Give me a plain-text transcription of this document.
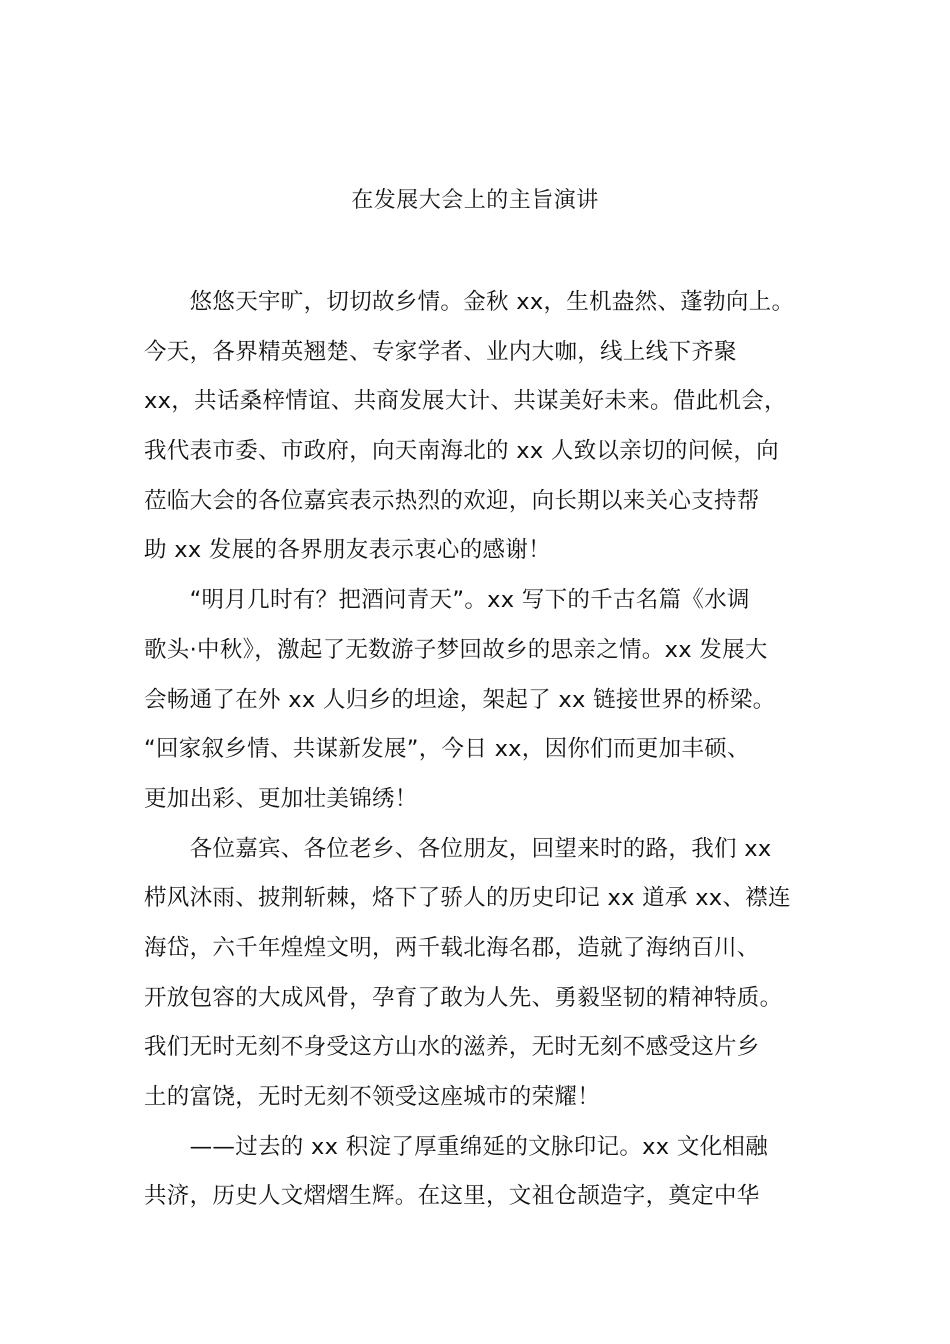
在发展大会上的主旨演讲
　　悠悠天宇旷，切切故乡情。金秋 xx，生机盎然、蓬勃向上。
今天，各界精英翘楚、专家学者、业内大咖，线上线下齐聚
xx，共话桑梓情谊、共商发展大计、共谋美好未来。借此机会，
我代表市委、市政府，向天南海北的 xx 人致以亲切的问候，向
莅临大会的各位嘉宾表示热烈的欢迎，向长期以来关心支持帮
助 xx 发展的各界朋友表示衷心的感谢！
　　“明月几时有？把酒问青天”。xx 写下的千古名篇《水调
歌头·中秋》，激起了无数游子梦回故乡的思亲之情。xx 发展大
会畅通了在外 xx 人归乡的坦途，架起了 xx 链接世界的桥梁。
“回家叙乡情、共谋新发展”，今日 xx，因你们而更加丰硕、
更加出彩、更加壮美锦绣！
　　各位嘉宾、各位老乡、各位朋友，回望来时的路，我们 xx
栉风沐雨、披荆斩棘，烙下了骄人的历史印记 xx 道承 xx、襟连
海岱，六千年煌煌文明，两千载北海名郡，造就了海纳百川、
开放包容的大成风骨，孕育了敢为人先、勇毅坚韧的精神特质。
我们无时无刻不身受这方山水的滋养，无时无刻不感受这片乡
土的富饶，无时无刻不领受这座城市的荣耀！
　　——过去的 xx 积淀了厚重绵延的文脉印记。xx 文化相融
共济，历史人文熠熠生辉。在这里，文祖仓颉造字，奠定中华
